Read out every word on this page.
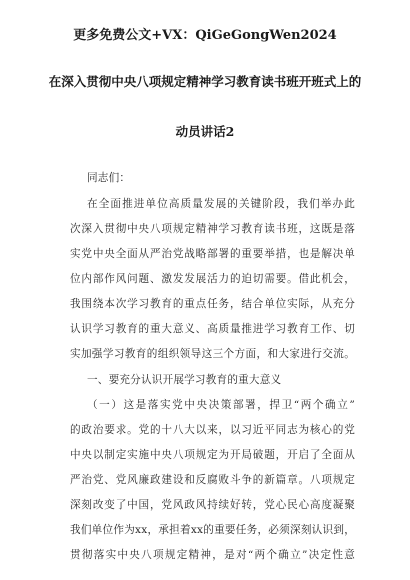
更多免费公文+VX：QiGeGongWen2024
在深入贯彻中央八项规定精神学习教育读书班开班式上的
动员讲话2
同志们：
在全面推进单位高质量发展的关键阶段，我们举办此
次深入贯彻中央八项规定精神学习教育读书班，这既是落
实党中央全面从严治党战略部署的重要举措，也是解决单
位内部作风问题、激发发展活力的迫切需要。借此机会，
我围绕本次学习教育的重点任务，结合单位实际，从充分
认识学习教育的重大意义、高质量推进学习教育工作、切
实加强学习教育的组织领导这三个方面，和大家进行交流。
一、要充分认识开展学习教育的重大意义
（一）这是落实党中央决策部署，捍卫“两个确立”
的政治要求。党的十八大以来，以习近平同志为核心的党
中央以制定实施中央八项规定为开局破题，开启了全面从
严治党、党风廉政建设和反腐败斗争的新篇章。八项规定
深刻改变了中国，党风政风持续好转，党心民心高度凝聚
我们单位作为xx，承担着xx的重要任务，必须深刻认识到，
贯彻落实中央八项规定精神，是对“两个确立”决定性意
